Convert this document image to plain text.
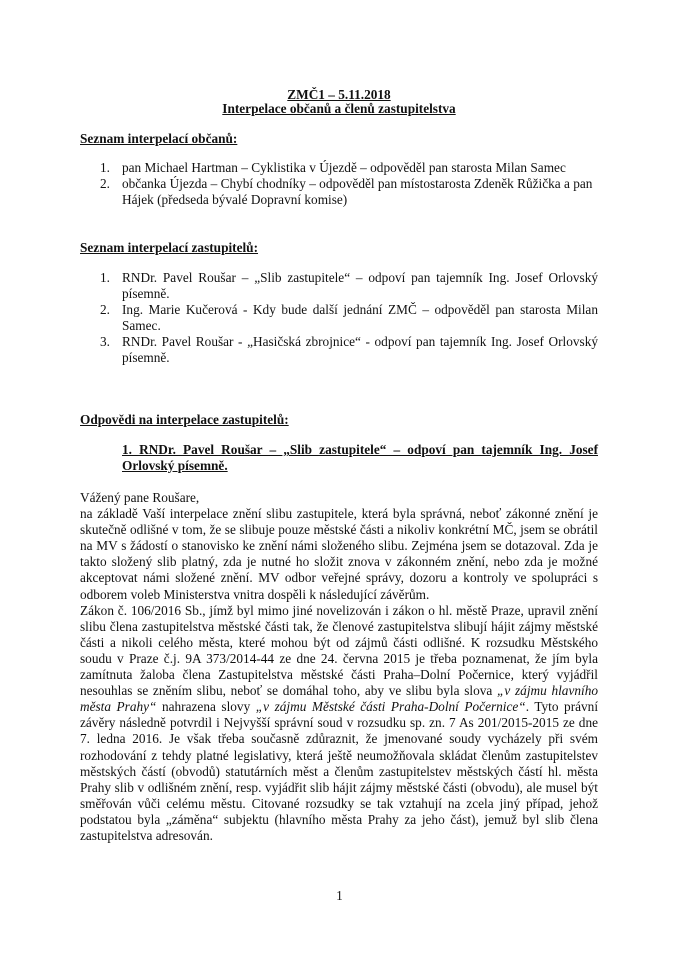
ZMČ1 – 5.11.2018
Interpelace občanů a členů zastupitelstva
Seznam interpelací občanů:
1. pan Michael Hartman – Cyklistika v Újezdě – odpověděl pan starosta Milan Samec
2. občanka Újezda – Chybí chodníky – odpověděl pan místostarosta Zdeněk Růžička a pan Hájek (předseda bývalé Dopravní komise)
Seznam interpelací zastupitelů:
1. RNDr. Pavel Roušar – „Slib zastupitele“ – odpoví pan tajemník Ing. Josef Orlovský písemně.
2. Ing. Marie Kučerová - Kdy bude další jednání ZMČ – odpověděl pan starosta Milan Samec.
3. RNDr. Pavel Roušar - „Hasičská zbrojnice“ - odpoví pan tajemník Ing. Josef Orlovský písemně.
Odpovědi na interpelace zastupitelů:
1. RNDr. Pavel Roušar – „Slib zastupitele“ – odpoví pan tajemník Ing. Josef Orlovský písemně.

Vážený pane Roušare,

na základě Vaší interpelace znění slibu zastupitele, která byla správná, neboť zákonné znění je skutečně odlišné v tom, že se slibuje pouze městské části a nikoliv konkrétní MČ, jsem se obrátil na MV s žádostí o stanovisko ke znění námi složeného slibu. Zejména jsem se dotazoval. Zda je takto složený slib platný, zda je nutné ho složit znova v zákonném znění, nebo zda je možné akceptovat námi složené znění. MV odbor veřejné správy, dozoru a kontroly ve spolupráci s odborem voleb Ministerstva vnitra dospěli k následující závěrům.

Zákon č. 106/2016 Sb., jímž byl mimo jiné novelizován i zákon o hl. městě Praze, upravil znění slibu člena zastupitelstva městské části tak, že členové zastupitelstva slibují hájit zájmy městské části a nikoli celého města, které mohou být od zájmů části odlišné. K rozsudku Městského soudu v Praze č.j. 9A 373/2014-44 ze dne 24. června 2015 je třeba poznamenat, že jím byla zamítnuta žaloba člena Zastupitelstva městské části Praha–Dolní Počernice, který vyjádřil nesouhlas se zněním slibu, neboť se domáhal toho, aby ve slibu byla slova „v zájmu hlavního města Prahy“ nahrazena slovy „v zájmu Městské části Praha-Dolní Počernice“. Tyto právní závěry následně potvrdil i Nejvyšší správní soud v rozsudku sp. zn. 7 As 201/2015-2015 ze dne 7. ledna 2016. Je však třeba současně zdůraznit, že jmenované soudy vycházely při svém rozhodování z tehdy platné legislativy, která ještě neumožňovala skládat členům zastupitelstev městských částí (obvodů) statutárních měst a členům zastupitelstev městských částí hl. města Prahy slib v odlišném znění, resp. vyjádřit slib hájit zájmy městské části (obvodu), ale musel být směřován vůči celému městu. Citované rozsudky se tak vztahují na zcela jiný případ, jehož podstatou byla „záměna“ subjektu (hlavního města Prahy za jeho část), jemuž byl slib člena zastupitelstva adresován.

1
